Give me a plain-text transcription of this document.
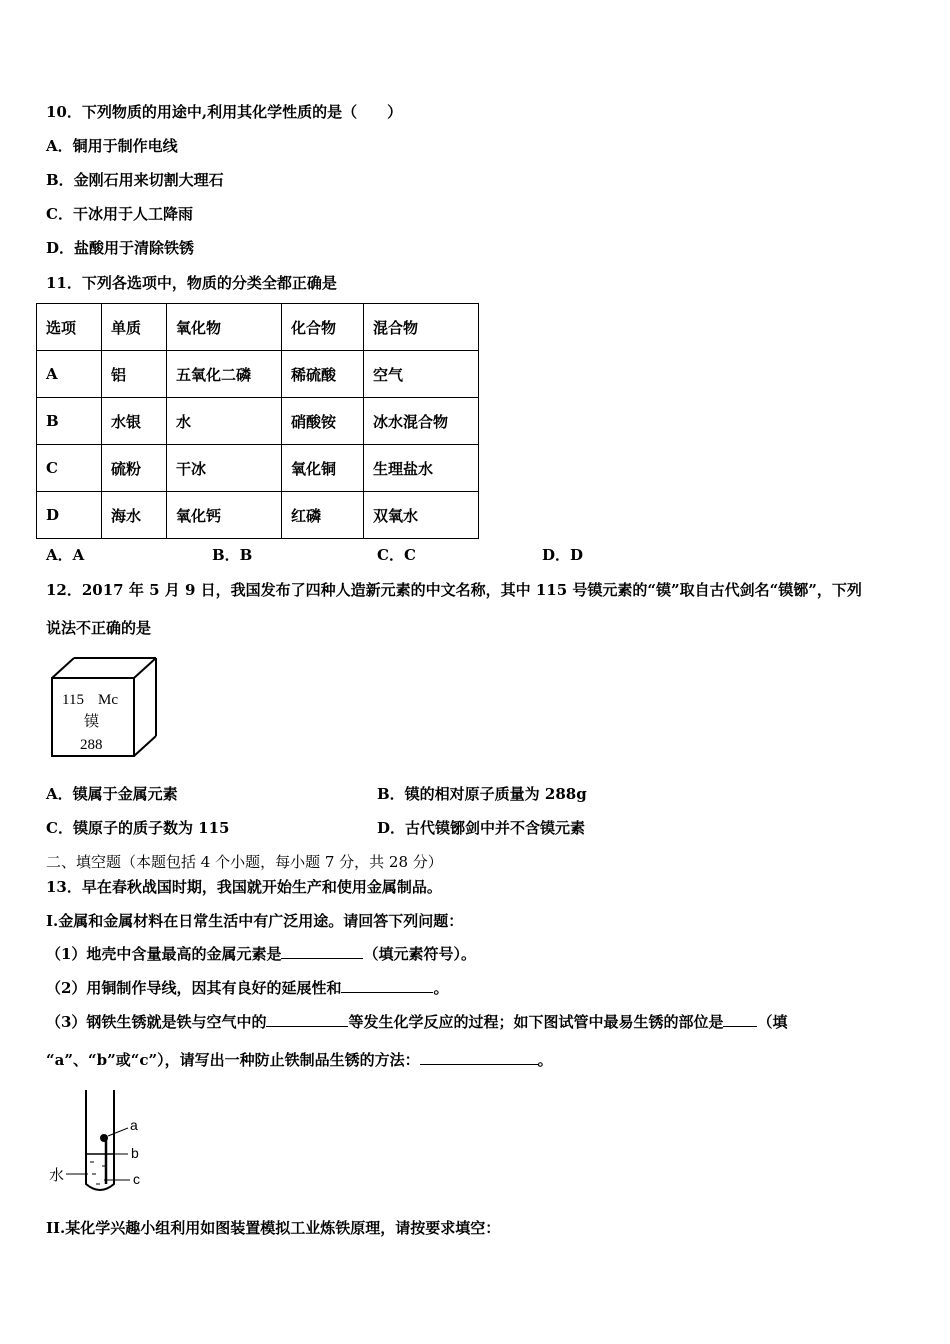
10．下列物质的用途中,利用其化学性质的是（　　）
A．铜用于制作电线
B．金刚石用来切割大理石
C．干冰用于人工降雨
D．盐酸用于清除铁锈
11．下列各选项中，物质的分类全都正确是
选项	单质	氧化物	化合物	混合物
A	铝	五氧化二磷	稀硫酸	空气
B	水银	水	硝酸铵	冰水混合物
C	硫粉	干冰	氧化铜	生理盐水
D	海水	氧化钙	红磷	双氧水
A．A	B．B	C．C	D．D
12．2017 年 5 月 9 日，我国发布了四种人造新元素的中文名称，其中 115 号镆元素的“镆”取自古代剑名“镆铘”，下列
说法不正确的是
115 Mc
镆
288
A．镆属于金属元素	B．镆的相对原子质量为 288g
C．镆原子的质子数为 115	D．古代镆铘剑中并不含镆元素
二、填空题（本题包括 4 个小题，每小题 7 分，共 28 分）
13．早在春秋战国时期，我国就开始生产和使用金属制品。
I.金属和金属材料在日常生活中有广泛用途。请回答下列问题：
（1）地壳中含量最高的金属元素是	（填元素符号）。
（2）用铜制作导线，因其有良好的延展性和	。
（3）钢铁生锈就是铁与空气中的	等发生化学反应的过程；如下图试管中最易生锈的部位是 （填
“a”、“b”或“c”），请写出一种防止铁制品生锈的方法：	。
a
b
c
水
II.某化学兴趣小组利用如图装置模拟工业炼铁原理，请按要求填空：
